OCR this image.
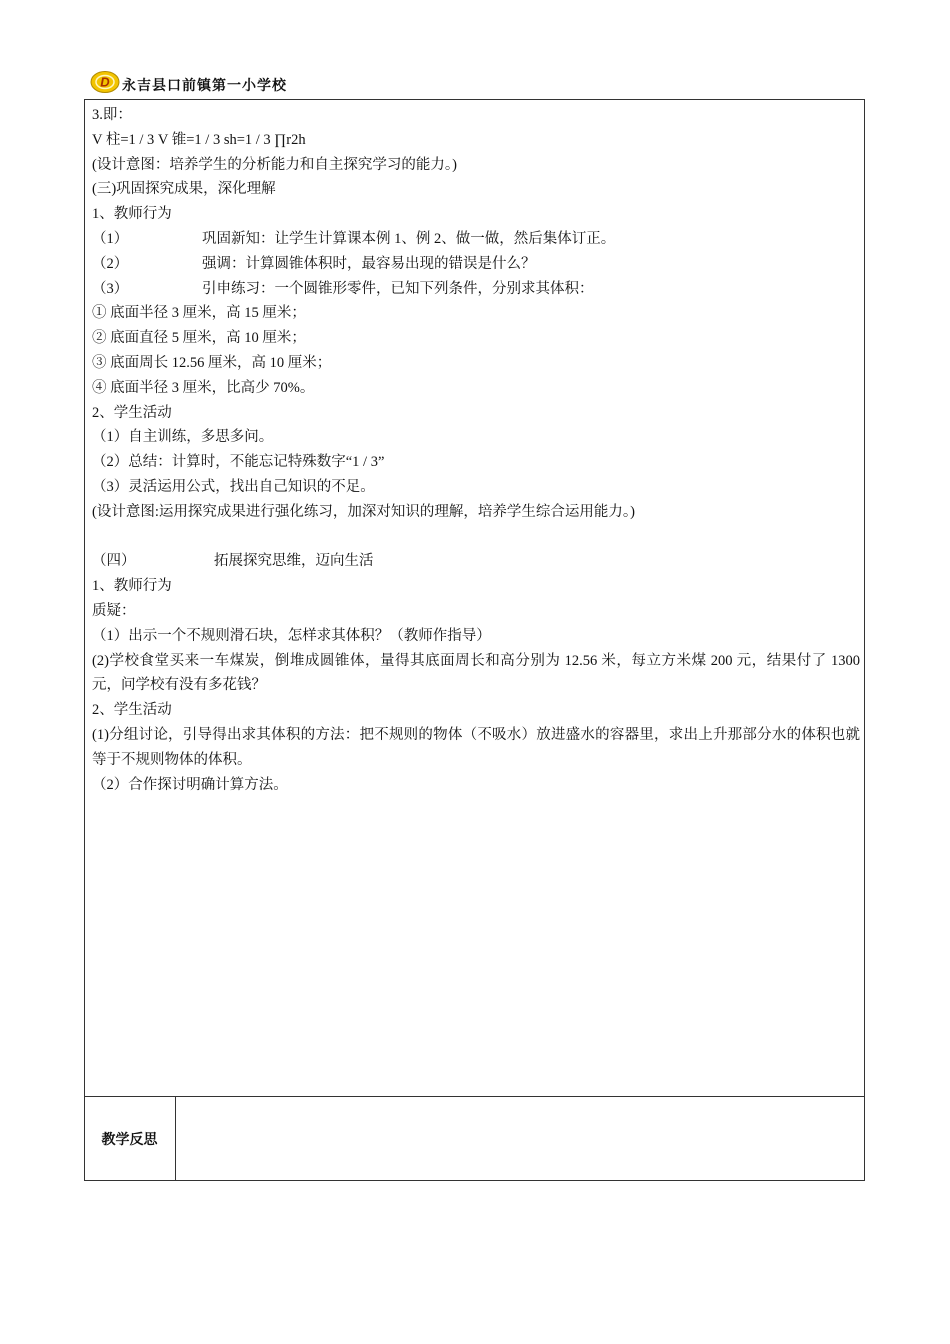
D 永吉县口前镇第一小学校
3.即：
V 柱=1 / 3 V 锥=1 / 3 sh=1 / 3 ∏r2h
(设计意图：培养学生的分析能力和自主探究学习的能力。)
(三)巩固探究成果，深化理解
1、教师行为
（1）	巩固新知：让学生计算课本例 1、例 2、做一做，然后集体订正。
（2）	强调：计算圆锥体积时，最容易出现的错误是什么？
（3）	引申练习：一个圆锥形零件，已知下列条件，分别求其体积：
① 底面半径 3 厘米，高 15 厘米；
② 底面直径 5 厘米，高 10 厘米；
③ 底面周长 12.56 厘米，高 10 厘米；
④ 底面半径 3 厘米，比高少 70%。
2、学生活动
（1）自主训练，多思多问。
（2）总结：计算时，不能忘记特殊数字“1 / 3”
（3）灵活运用公式，找出自己知识的不足。
(设计意图:运用探究成果进行强化练习，加深对知识的理解，培养学生综合运用能力。)
（四）	拓展探究思维，迈向生活
1、教师行为
质疑：
（1）出示一个不规则滑石块，怎样求其体积？（教师作指导）
(2)学校食堂买来一车煤炭，倒堆成圆锥体，量得其底面周长和高分别为 12.56 米，每立方米煤 200 元，结果付了 1300 元，问学校有没有多花钱？
2、学生活动
(1)分组讨论，引导得出求其体积的方法：把不规则的物体（不吸水）放进盛水的容器里，求出上升那部分水的体积也就等于不规则物体的体积。
（2）合作探讨明确计算方法。
教学反思
